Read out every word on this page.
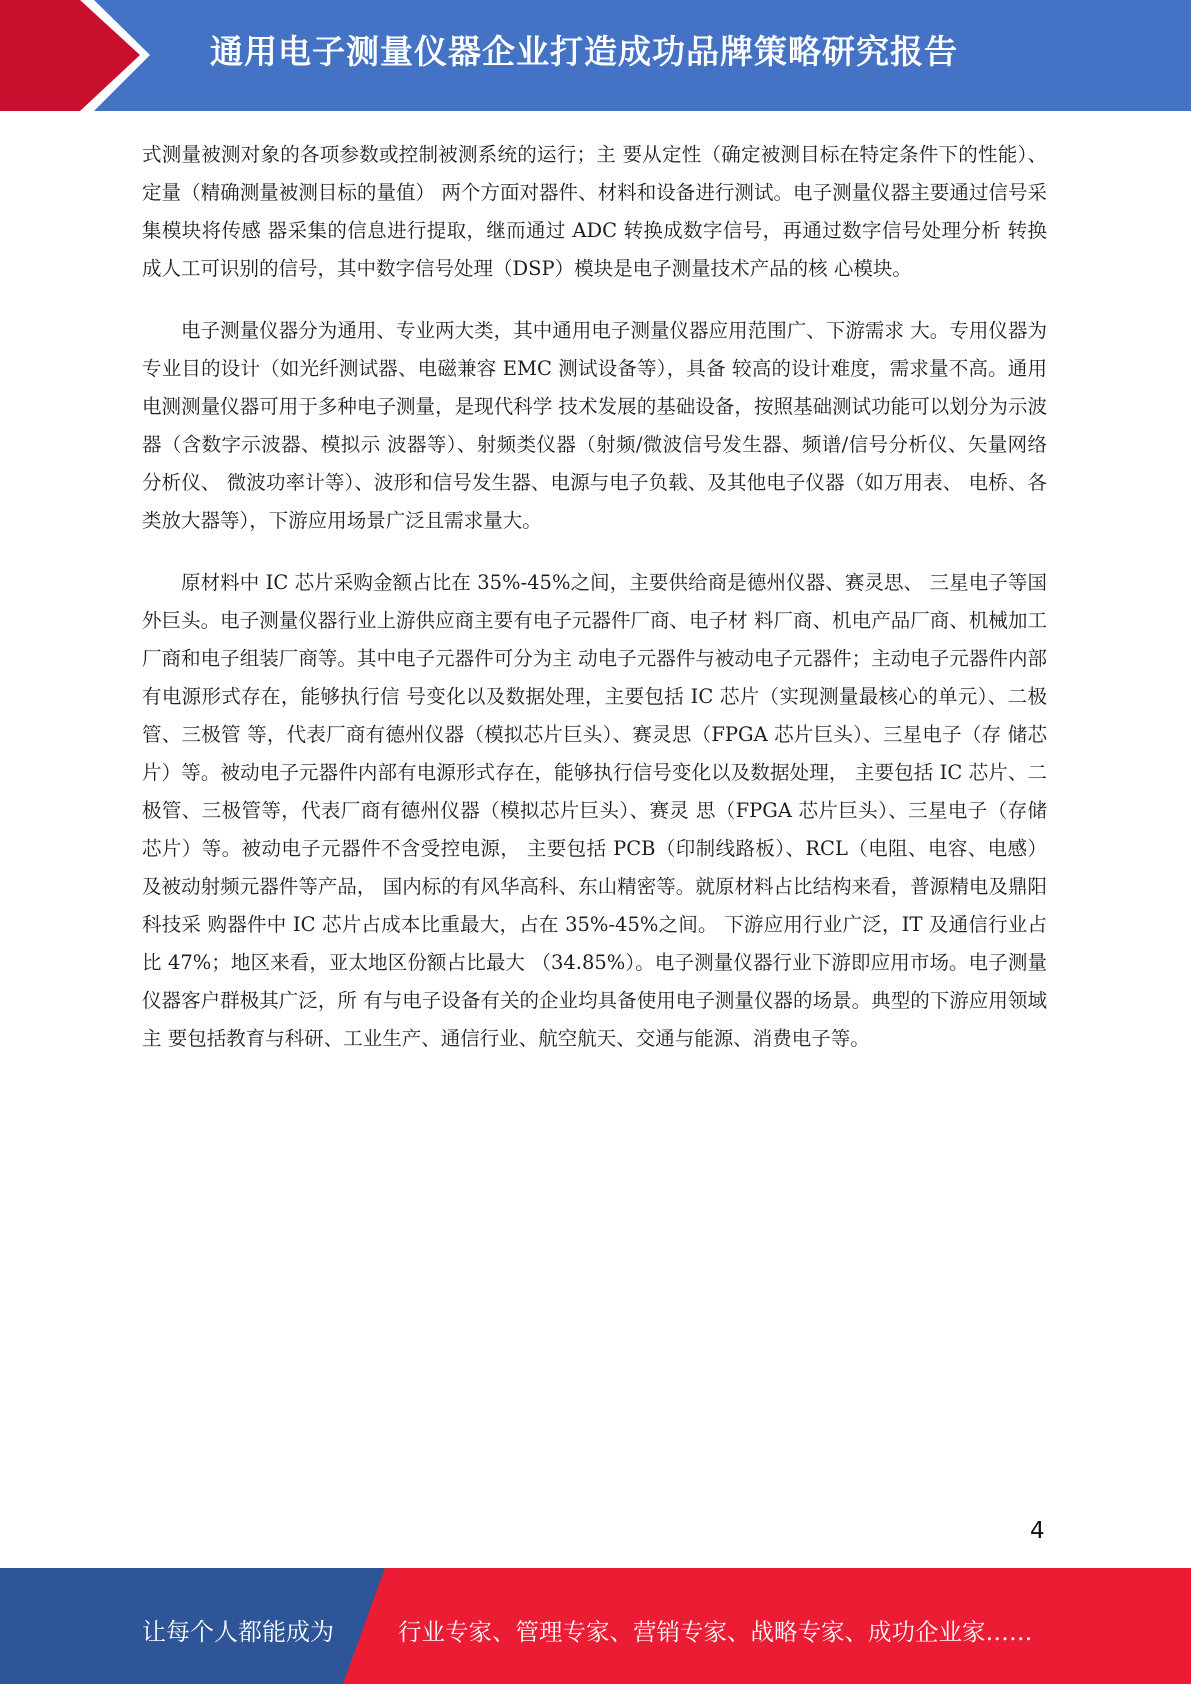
通用电子测量仪器企业打造成功品牌策略研究报告

式测量被测对象的各项参数或控制被测系统的运行；主 要从定性（确定被测目标在特定条件下的性能）、定量（精确测量被测目标的量值） 两个方面对器件、材料和设备进行测试。电子测量仪器主要通过信号采集模块将传感 器采集的信息进行提取，继而通过 ADC 转换成数字信号，再通过数字信号处理分析 转换成人工可识别的信号，其中数字信号处理（DSP）模块是电子测量技术产品的核 心模块。

电子测量仪器分为通用、专业两大类，其中通用电子测量仪器应用范围广、下游需求 大。专用仪器为专业目的设计（如光纤测试器、电磁兼容 EMC 测试设备等），具备 较高的设计难度，需求量不高。通用电测测量仪器可用于多种电子测量，是现代科学 技术发展的基础设备，按照基础测试功能可以划分为示波器（含数字示波器、模拟示 波器等）、射频类仪器（射频/微波信号发生器、频谱/信号分析仪、矢量网络分析仪、 微波功率计等）、波形和信号发生器、电源与电子负载、及其他电子仪器（如万用表、 电桥、各类放大器等），下游应用场景广泛且需求量大。

原材料中 IC 芯片采购金额占比在 35%-45%之间，主要供给商是德州仪器、赛灵思、 三星电子等国外巨头。电子测量仪器行业上游供应商主要有电子元器件厂商、电子材 料厂商、机电产品厂商、机械加工厂商和电子组装厂商等。其中电子元器件可分为主 动电子元器件与被动电子元器件；主动电子元器件内部有电源形式存在，能够执行信 号变化以及数据处理，主要包括 IC 芯片（实现测量最核心的单元）、二极管、三极管 等，代表厂商有德州仪器（模拟芯片巨头）、赛灵思（FPGA 芯片巨头）、三星电子（存 储芯片）等。被动电子元器件内部有电源形式存在，能够执行信号变化以及数据处理， 主要包括 IC 芯片、二极管、三极管等，代表厂商有德州仪器（模拟芯片巨头）、赛灵 思（FPGA 芯片巨头）、三星电子（存储芯片）等。被动电子元器件不含受控电源， 主要包括 PCB（印制线路板）、RCL（电阻、电容、电感）及被动射频元器件等产品， 国内标的有风华高科、东山精密等。就原材料占比结构来看，普源精电及鼎阳科技采 购器件中 IC 芯片占成本比重最大，占在 35%-45%之间。 下游应用行业广泛，IT 及通信行业占比 47%；地区来看，亚太地区份额占比最大 （34.85%）。电子测量仪器行业下游即应用市场。电子测量仪器客户群极其广泛，所 有与电子设备有关的企业均具备使用电子测量仪器的场景。典型的下游应用领域主 要包括教育与科研、工业生产、通信行业、航空航天、交通与能源、消费电子等。

4
让每个人都能成为	行业专家、管理专家、营销专家、战略专家、成功企业家……
